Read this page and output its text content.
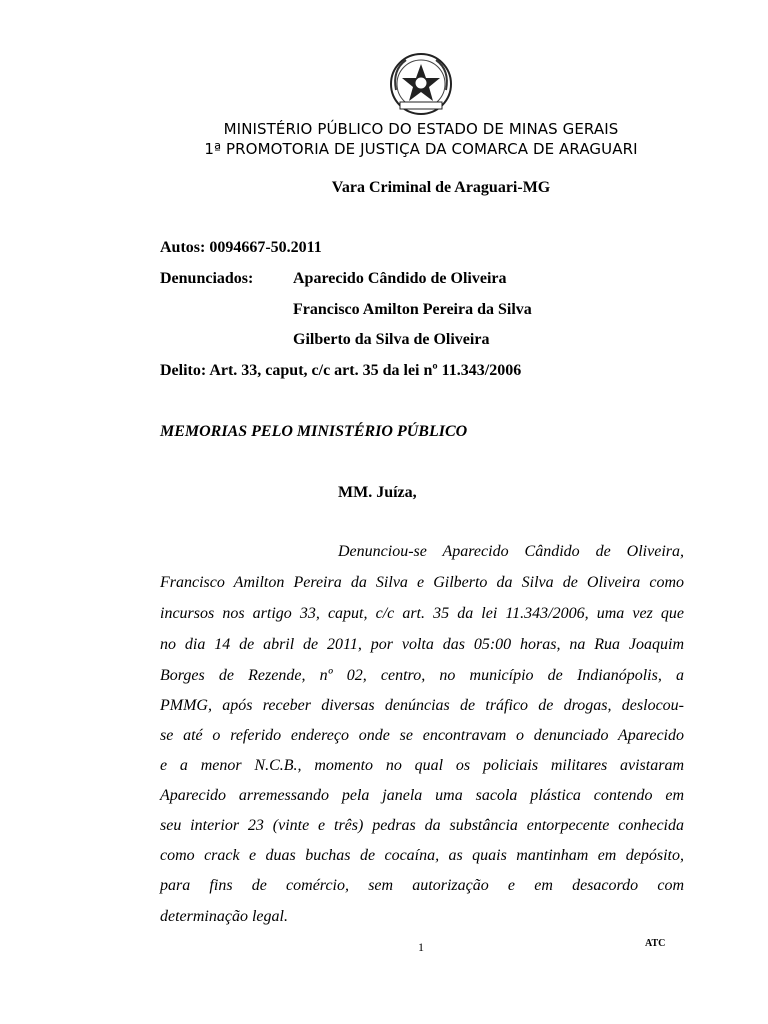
MINISTÉRIO PÚBLICO DO ESTADO DE MINAS GERAIS
1ª PROMOTORIA DE JUSTIÇA DA COMARCA DE ARAGUARI
Vara Criminal de Araguari-MG
Autos: 0094667-50.2011
Denunciados: Aparecido Cândido de Oliveira
Francisco Amilton Pereira da Silva
Gilberto da Silva de Oliveira
Delito: Art. 33, caput, c/c art. 35 da lei nº 11.343/2006
MEMORIAS PELO MINISTÉRIO PÚBLICO
MM. Juíza,
Denunciou-se Aparecido Cândido de Oliveira,
Francisco Amilton Pereira da Silva e Gilberto da Silva de Oliveira como
incursos nos artigo 33, caput, c/c art. 35 da lei 11.343/2006, uma vez que
no dia 14 de abril de 2011, por volta das 05:00 horas, na Rua Joaquim
Borges de Rezende, nº 02, centro, no município de Indianópolis, a
PMMG, após receber diversas denúncias de tráfico de drogas, deslocou-
se até o referido endereço onde se encontravam o denunciado Aparecido
e a menor N.C.B., momento no qual os policiais militares avistaram
Aparecido arremessando pela janela uma sacola plástica contendo em
seu interior 23 (vinte e três) pedras da substância entorpecente conhecida
como crack e duas buchas de cocaína, as quais mantinham em depósito,
para fins de comércio, sem autorização e em desacordo com
determinação legal.
1	ATC
